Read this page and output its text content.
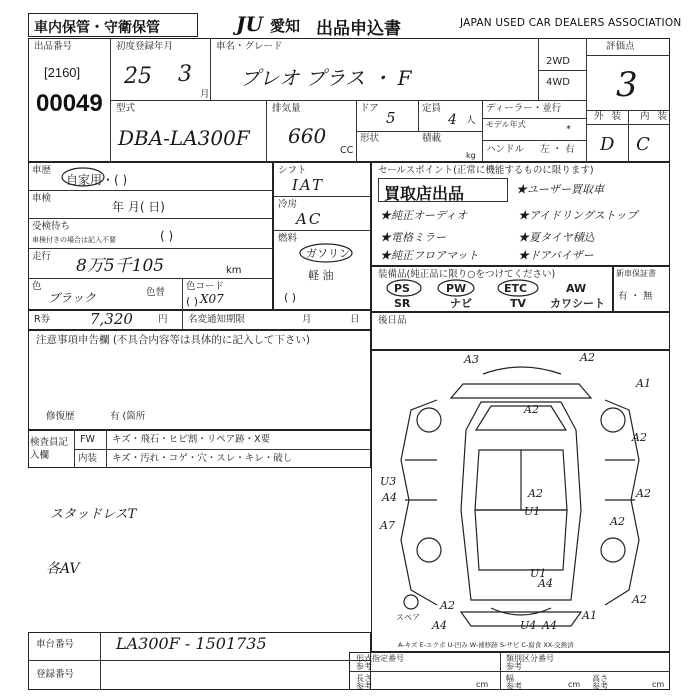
車内保管・守衛保管	JU 愛知 出品申込書	JAPAN USED CAR DEALERS ASSOCIATION
出品番号
[2160]
00049
初度登録年月
25 3
月
車名・グレード
プレオ プラス ・ F
2WD
4WD
評価点
3
型式
DBA-LA300F
排気量
660
CC
ドア
5
定員
4 人
形状	積載
kg
ディーラー・並行
モデル年式	*
ハンドル 左 ・ 右
外装 内装
D C
車歴
自家用・( )
車検
年 月( 日)
受検待ち
車検付きの場合は記入不要	( )
走行 8万5千105	km
色
ブラック	色替
色コード
X07
( )
シフト
IAT
冷房
AC
燃料
ガソリン
軽 油
( )
R券	7,320	円 名変通知期限	月	日
注意事項申告欄 (不具合内容等は具体的に記入して下さい)
修復歴	有 (箇所
検査員記入欄
FW キズ・飛石・ヒビ割・リペア跡・X要
内装 キズ・汚れ・コゲ・穴・スレ・キレ・破し
スタッドレスT
各AV
セールスポイント(正常に機能するものに限ります)
買取店出品	★ユーザー買取車
★純正オーディオ	★アイドリングストップ
★電格ミラー	★夏タイヤ積込
★純正フロアマット	★ドアバイザー
装備品(純正品に限り○をつけてください)
PS	PW	ETC	AW
SR	ナビ	TV カワシート
新車保証書
有 ・ 無
後日品
A3	A2
A1
A2
A2
A2
U3
A4	A2
U1
A7	A2
U1
A4
A2
A4	U4 A4
A2
A1
スペア
A-キズ E-エクボ U-凹み W-補修跡 S-サビ C-腐食 XX-交換済
車台番号	LA300F - 1501735
登録番号
形式指定番号
参考
類別区分番号
参考
長さ
参考	cm
幅
参考	cm
高さ
参考	cm
